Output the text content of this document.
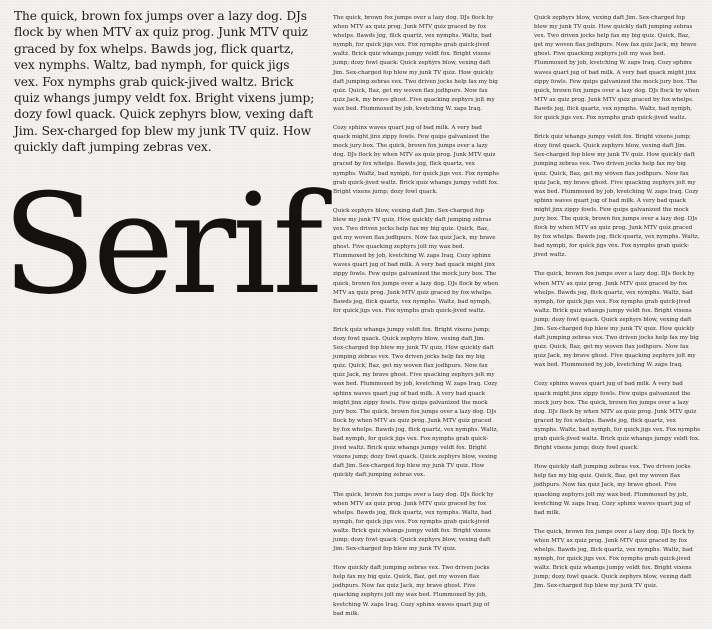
The quick, brown fox jumps over a lazy dog. DJs flock by when MTV ax quiz prog. Junk MTV quiz graced by fox whelps. Bawds jog, flick quartz, vex nymphs. Waltz, bad nymph, for quick jigs vex. Fox nymphs grab quick-jived waltz. Brick quiz whangs jumpy veldt fox. Bright vixens jump; dozy fowl quack. Quick zephyrs blow, vexing daft Jim. Sex-charged fop blew my junk TV quiz. How quickly daft jumping zebras vex.

Serif

The quick, brown fox jumps over a lazy dog. DJs flock by when MTV ax quiz prog. Junk MTV quiz graced by fox whelps. Bawds jog, flick quartz, vex nymphs. Waltz, bad nymph, for quick jigs vex. Fox nymphs grab quick-jived waltz. Brick quiz whangs jumpy veldt fox. Bright vixens jump; dozy fowl quack. Quick zephyrs blow, vexing daft Jim. Sex-charged fop blew my junk TV quiz. How quickly daft jumping zebras vex. Two driven jocks help fax my big quiz. Quick, Baz, get my woven flax jodhpurs. Now fax quiz Jack, my brave ghost. Five quacking zephyrs jolt my wax bed. Flummoxed by job, kvetching W. zaps Iraq.

Cozy sphinx waves quart jug of bad milk. A very bad quack might jinx zippy fowls. Few quips galvanized the mock jury box. The quick, brown fox jumps over a lazy dog. DJs flock by when MTV ax quiz prog. Junk MTV quiz graced by fox whelps. Bawds jog, flick quartz, vex nymphs. Waltz, bad nymph, for quick jigs vex. Fox nymphs grab quick-jived waltz. Brick quiz whangs jumpy veldt fox. Bright vixens jump; dozy fowl quack.

Quick zephyrs blow, vexing daft Jim. Sex-charged fop blew my junk TV quiz. How quickly daft jumping zebras vex. Two driven jocks help fax my big quiz. Quick, Baz, get my woven flax jodhpurs. Now fax quiz Jack, my brave ghost. Five quacking zephyrs jolt my wax bed. Flummoxed by job, kvetching W. zaps Iraq. Cozy sphinx waves quart jug of bad milk. A very bad quack might jinx zippy fowls. Few quips galvanized the mock jury box. The quick, brown fox jumps over a lazy dog. DJs flock by when MTV ax quiz prog. Junk MTV quiz graced by fox whelps. Bawds jog, flick quartz, vex nymphs. Waltz, bad nymph, for quick jigs vex. Fox nymphs grab quick-jived waltz.

Brick quiz whangs jumpy veldt fox. Bright vixens jump; dozy fowl quack. Quick zephyrs blow, vexing daft Jim. Sex-charged fop blew my junk TV quiz. How quickly daft jumping zebras vex. Two driven jocks help fax my big quiz. Quick, Baz, get my woven flax jodhpurs. Now fax quiz Jack, my brave ghost. Five quacking zephyrs jolt my wax bed. Flummoxed by job, kvetching W. zaps Iraq. Cozy sphinx waves quart jug of bad milk. A very bad quack might jinx zippy fowls. Few quips galvanized the mock jury box. The quick, brown fox jumps over a lazy dog. DJs flock by when MTV ax quiz prog. Junk MTV quiz graced by fox whelps. Bawds jog, flick quartz, vex nymphs. Waltz, bad nymph, for quick jigs vex. Fox nymphs grab quick-jived waltz. Brick quiz whangs jumpy veldt fox. Bright vixens jump; dozy fowl quack. Quick zephyrs blow, vexing daft Jim. Sex-charged fop blew my junk TV quiz. How quickly daft jumping zebras vex.

The quick, brown fox jumps over a lazy dog. DJs flock by when MTV ax quiz prog. Junk MTV quiz graced by fox whelps. Bawds jog, flick quartz, vex nymphs. Waltz, bad nymph, for quick jigs vex. Fox nymphs grab quick-jived waltz. Brick quiz whangs jumpy veldt fox. Bright vixens jump; dozy fowl quack. Quick zephyrs blow, vexing daft Jim. Sex-charged fop blew my junk TV quiz.

How quickly daft jumping zebras vex. Two driven jocks help fax my big quiz. Quick, Baz, get my woven flax jodhpurs. Now fax quiz Jack, my brave ghost. Five quacking zephyrs jolt my wax bed. Flummoxed by job, kvetching W. zaps Iraq. Cozy sphinx waves quart jug of bad milk.

Quick zephyrs blow, vexing daft Jim. Sex-charged fop blew my junk TV quiz. How quickly daft jumping zebras vex. Two driven jocks help fax my big quiz. Quick, Baz, get my woven flax jodhpurs. Now fax quiz Jack, my brave ghost. Five quacking zephyrs jolt my wax bed. Flummoxed by job, kvetching W. zaps Iraq. Cozy sphinx waves quart jug of bad milk. A very bad quack might jinx zippy fowls. Few quips galvanized the mock jury box. The quick, brown fox jumps over a lazy dog. DJs flock by when MTV ax quiz prog. Junk MTV quiz graced by fox whelps. Bawds jog, flick quartz, vex nymphs. Waltz, bad nymph, for quick jigs vex. Fox nymphs grab quick-jived waltz.

Brick quiz whangs jumpy veldt fox. Bright vixens jump; dozy fowl quack. Quick zephyrs blow, vexing daft Jim. Sex-charged fop blew my junk TV quiz. How quickly daft jumping zebras vex. Two driven jocks help fax my big quiz. Quick, Baz, get my woven flax jodhpurs. Now fax quiz Jack, my brave ghost. Five quacking zephyrs jolt my wax bed. Flummoxed by job, kvetching W. zaps Iraq. Cozy sphinx waves quart jug of bad milk. A very bad quack might jinx zippy fowls. Few quips galvanized the mock jury box. The quick, brown fox jumps over a lazy dog. DJs flock by when MTV ax quiz prog. Junk MTV quiz graced by fox whelps. Bawds jog, flick quartz, vex nymphs. Waltz, bad nymph, for quick jigs vex. Fox nymphs grab quick-jived waltz.

The quick, brown fox jumps over a lazy dog. DJs flock by when MTV ax quiz prog. Junk MTV quiz graced by fox whelps. Bawds jog, flick quartz, vex nymphs. Waltz, bad nymph, for quick jigs vex. Fox nymphs grab quick-jived waltz. Brick quiz whangs jumpy veldt fox. Bright vixens jump; dozy fowl quack. Quick zephyrs blow, vexing daft Jim. Sex-charged fop blew my junk TV quiz. How quickly daft jumping zebras vex. Two driven jocks help fax my big quiz. Quick, Baz, get my woven flax jodhpurs. Now fax quiz Jack, my brave ghost. Five quacking zephyrs jolt my wax bed. Flummoxed by job, kvetching W. zaps Iraq.

Cozy sphinx waves quart jug of bad milk. A very bad quack might jinx zippy fowls. Few quips galvanized the mock jury box. The quick, brown fox jumps over a lazy dog. DJs flock by when MTV ax quiz prog. Junk MTV quiz graced by fox whelps. Bawds jog, flick quartz, vex nymphs. Waltz, bad nymph, for quick jigs vex. Fox nymphs grab quick-jived waltz. Brick quiz whangs jumpy veldt fox. Bright vixens jump; dozy fowl quack.

How quickly daft jumping zebras vex. Two driven jocks help fax my big quiz. Quick, Baz, get my woven flax jodhpurs. Now fax quiz Jack, my brave ghost. Five quacking zephyrs jolt my wax bed. Flummoxed by job, kvetching W. zaps Iraq. Cozy sphinx waves quart jug of bad milk.

The quick, brown fox jumps over a lazy dog. DJs flock by when MTV ax quiz prog. Junk MTV quiz graced by fox whelps. Bawds jog, flick quartz, vex nymphs. Waltz, bad nymph, for quick jigs vex. Fox nymphs grab quick-jived waltz. Brick quiz whangs jumpy veldt fox. Bright vixens jump; dozy fowl quack. Quick zephyrs blow, vexing daft Jim. Sex-charged fop blew my junk TV quiz.
